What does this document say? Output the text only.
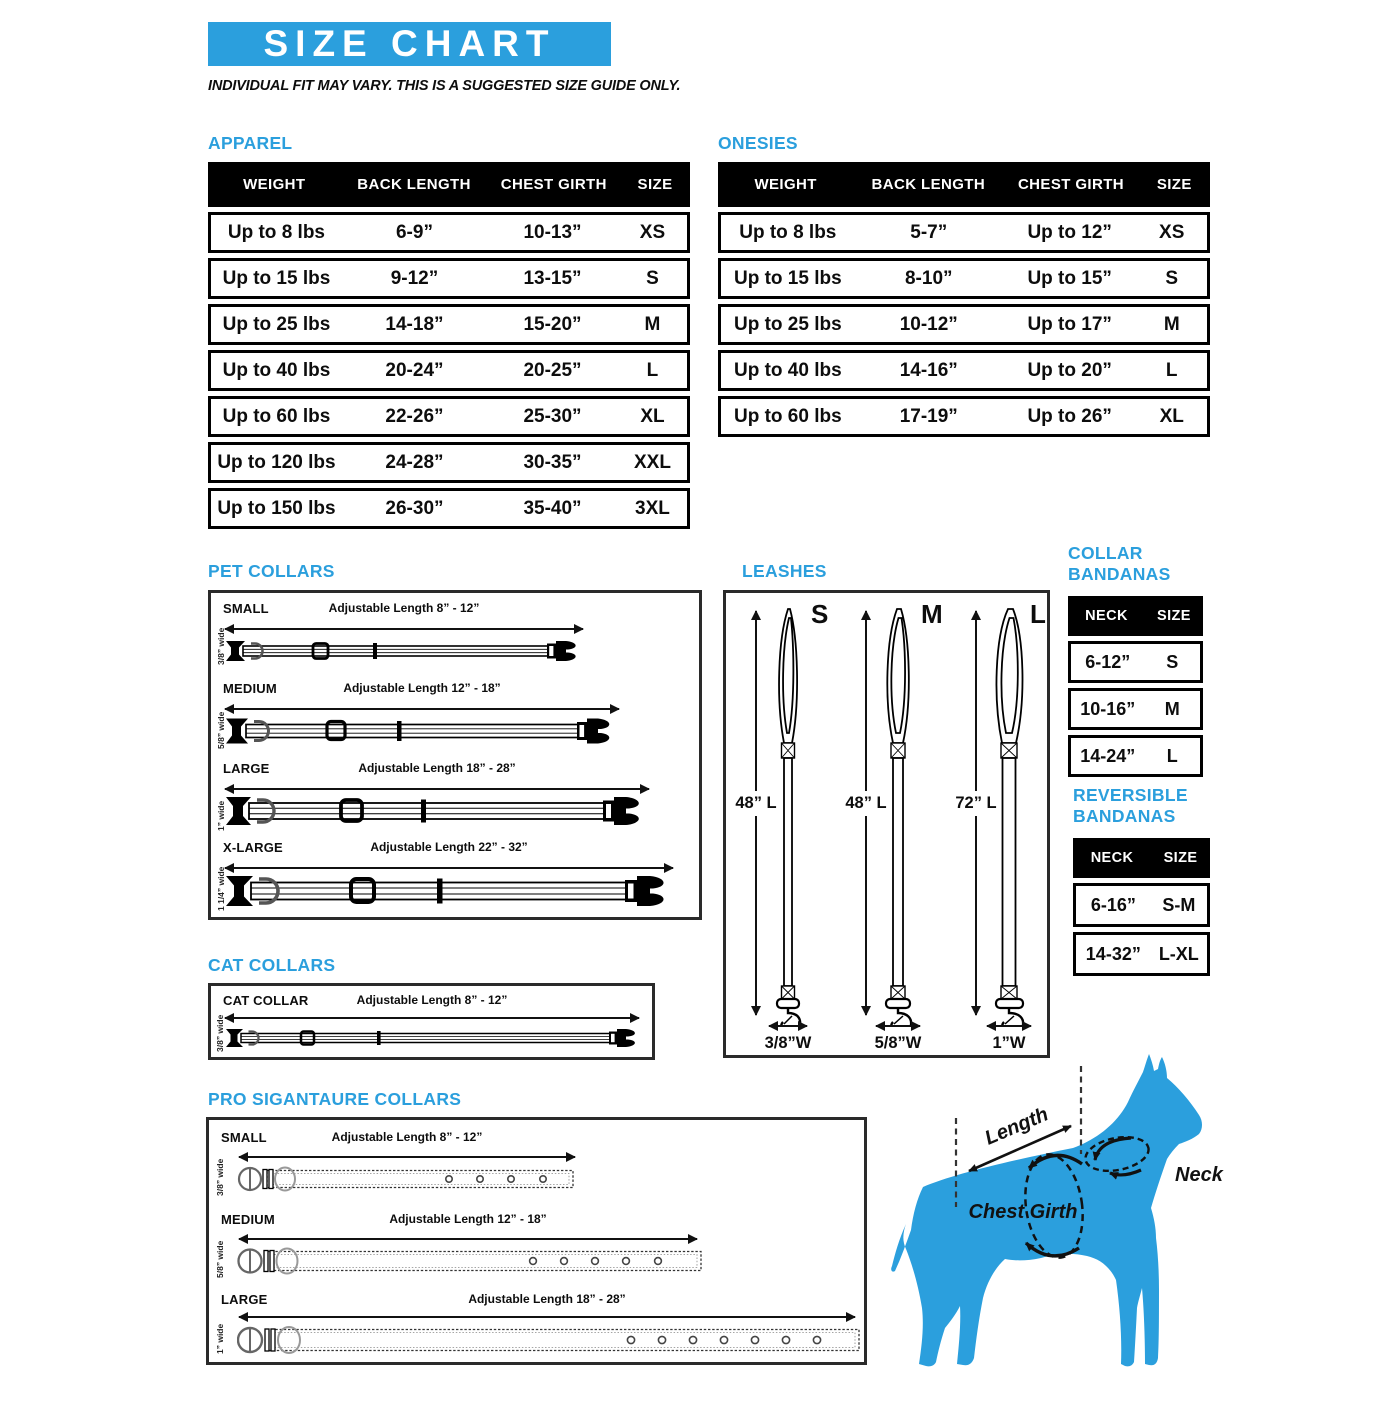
SIZE CHART
INDIVIDUAL FIT MAY VARY. THIS IS A SUGGESTED SIZE GUIDE ONLY.
APPAREL
WEIGHT	BACK LENGTH	CHEST GIRTH	SIZE
Up to 8 lbs	6-9”	10-13”	XS
Up to 15 lbs	9-12”	13-15”	S
Up to 25 lbs	14-18”	15-20”	M
Up to 40 lbs	20-24”	20-25”	L
Up to 60 lbs	22-26”	25-30”	XL
Up to 120 lbs	24-28”	30-35”	XXL
Up to 150 lbs	26-30”	35-40”	3XL
ONESIES
WEIGHT	BACK LENGTH	CHEST GIRTH	SIZE
Up to 8 lbs	5-7”	Up to 12”	XS
Up to 15 lbs	8-10”	Up to 15”	S
Up to 25 lbs	10-12”	Up to 17”	M
Up to 40 lbs	14-16”	Up to 20”	L
Up to 60 lbs	17-19”	Up to 26”	XL
PET COLLARS
SMALL	Adjustable Length 8” - 12”
3/8” wide
MEDIUM	Adjustable Length 12” - 18”
5/8” wide
LARGE	Adjustable Length 18” - 28”
1” wide
X-LARGE	Adjustable Length 22” - 32”
1 1/4” wide
LEASHES
S
48” L
3/8”W
M
48” L
5/8”W
L
72” L
1”W
COLLAR
BANDANAS
NECK	SIZE
6-12”	S
10-16”	M
14-24”	L
REVERSIBLE
BANDANAS
NECK	SIZE
6-16”	S-M
14-32” L-XL
CAT COLLARS
CAT COLLAR	Adjustable Length 8” - 12”
3/8” wide
PRO SIGANTAURE COLLARS
SMALL	Adjustable Length 8” - 12”
3/8” wide
MEDIUM	Adjustable Length 12” - 18”
5/8” wide
LARGE	Adjustable Length 18” - 28”
1” wide
Length
Chest Girth
Neck
